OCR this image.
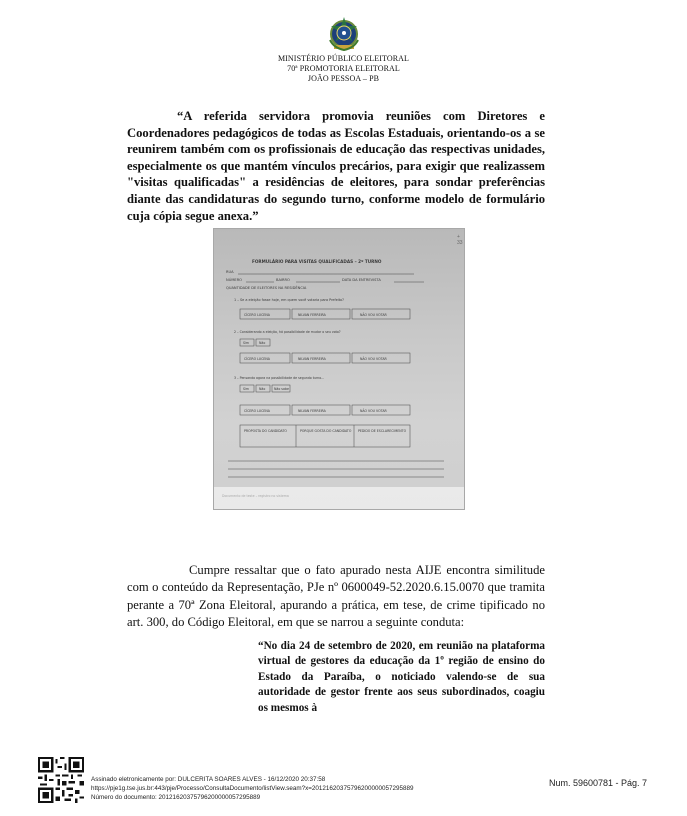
MINISTÉRIO PÚBLICO ELEITORAL
70ª PROMOTORIA ELEITORAL
JOÃO PESSOA – PB
“A referida servidora promovia reuniões com Diretores e Coordenadores pedagógicos de todas as Escolas Estaduais, orientando-os a se reunirem também com os profissionais de educação das respectivas unidades, especialmente os que mantém vínculos precários, para exigir que realizassem "visitas qualificadas" a residências de eleitores, para sondar preferências diante das candidaturas do segundo turno, conforme modelo de formulário cuja cópia segue anexa.”
FORMULÁRIO PARA VISITAS QUALIFICADAS – 2º TURNO
RUA
NÚMERO	BAIRRO	DATA DA ENTREVISTA
QUANTIDADE DE ELEITORES NA RESIDÊNCIA
1 – Se a eleição fosse hoje, em quem você votaria para Prefeito?
CÍCERO LUCENA	NILVAN FERREIRA	NÃO VOU VOTAR
2 – Considerando a eleição, há possibilidade de mudar o seu voto?
Sim	Não
CÍCERO LUCENA	NILVAN FERREIRA	NÃO VOU VOTAR
3 – Pensando agora na possibilidade de segundo turno...
Sim	Não	Não sabe
CÍCERO LUCENA	NILVAN FERREIRA	NÃO VOU VOTAR
PROPOSTA DO CANDIDATO	PORQUE GOSTA DO CANDIDATO PEDIDO DE ESCLARECIMENTO
+ 33
Cumpre ressaltar que o fato apurado nesta AIJE encontra similitude com o conteúdo da Representação, PJe nº 0600049-52.2020.6.15.0070 que tramita perante a 70ª Zona Eleitoral, apurando a prática, em tese, de crime tipificado no art. 300, do Código Eleitoral, em que se narrou a seguinte conduta:
“No dia 24 de setembro de 2020, em reunião na plataforma virtual de gestores da educação da 1º região de ensino do Estado da Paraíba, o noticiado valendo-se de sua autoridade de gestor frente aos seus subordinados, coagiu os mesmos à
Assinado eletronicamente por: DULCERITA SOARES ALVES - 16/12/2020 20:37:58
https://pje1g.tse.jus.br:443/pje/Processo/ConsultaDocumento/listView.seam?x=20121620375796200000057295889
Número do documento: 20121620375796200000057295889
Num. 59600781 - Pág. 7
